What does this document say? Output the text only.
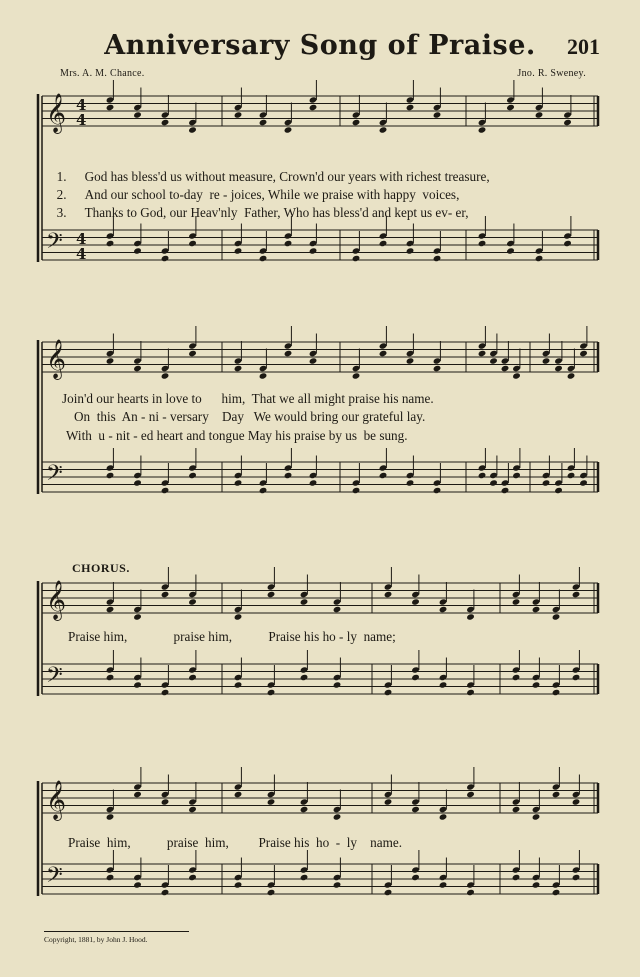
Anniversary Song of Praise.	201
Mrs. A. M. Chance.	Jno. R. Sweney.
𝄞
𝄢
4
4
4
4
𝄞
𝄢
𝄞
𝄢
𝄞
𝄢

1. God has bless'd us without measure, Crown'd our years with richest treasure,

2. And our school to-day  re - joices, While we praise with happy  voices,

3. Thanks to God, our Heav'nly  Father, Who has bless'd and kept us ev- er,

Join'd our hearts in love to      him,  That we all might praise his name.
On  this  An - ni - versary    Day   We would bring our grateful lay.
With  u - nit - ed heart and tongue May his praise by us  be sung.
CHORUS.
Praise him,              praise him,           Praise his ho - ly  name;
Praise  him,           praise  him,         Praise his  ho  -  ly    name.
Copyright, 1881, by John J. Hood.
